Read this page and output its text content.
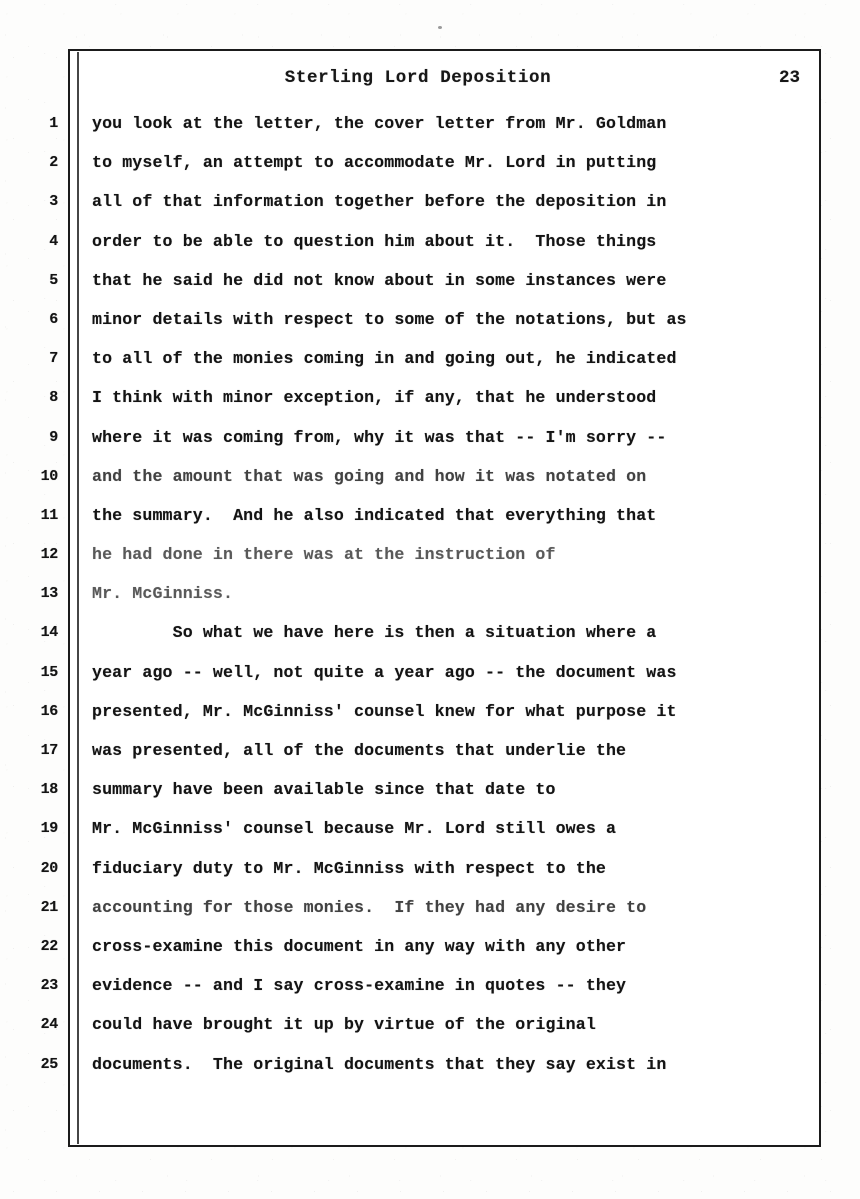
Sterling Lord Deposition	23
1 you look at the letter, the cover letter from Mr. Goldman
2 to myself, an attempt to accommodate Mr. Lord in putting
3 all of that information together before the deposition in
4 order to be able to question him about it.  Those things
5 that he said he did not know about in some instances were
6 minor details with respect to some of the notations, but as
7 to all of the monies coming in and going out, he indicated
8 I think with minor exception, if any, that he understood
9 where it was coming from, why it was that -- I'm sorry --
10 and the amount that was going and how it was notated on
11 the summary.  And he also indicated that everything that
12 he had done in there was at the instruction of
13 Mr. McGinniss.
14 So what we have here is then a situation where a
15 year ago -- well, not quite a year ago -- the document was
16 presented, Mr. McGinniss' counsel knew for what purpose it
17 was presented, all of the documents that underlie the
18 summary have been available since that date to
19 Mr. McGinniss' counsel because Mr. Lord still owes a
20 fiduciary duty to Mr. McGinniss with respect to the
21 accounting for those monies.  If they had any desire to
22 cross-examine this document in any way with any other
23 evidence -- and I say cross-examine in quotes -- they
24 could have brought it up by virtue of the original
25 documents.  The original documents that they say exist in
